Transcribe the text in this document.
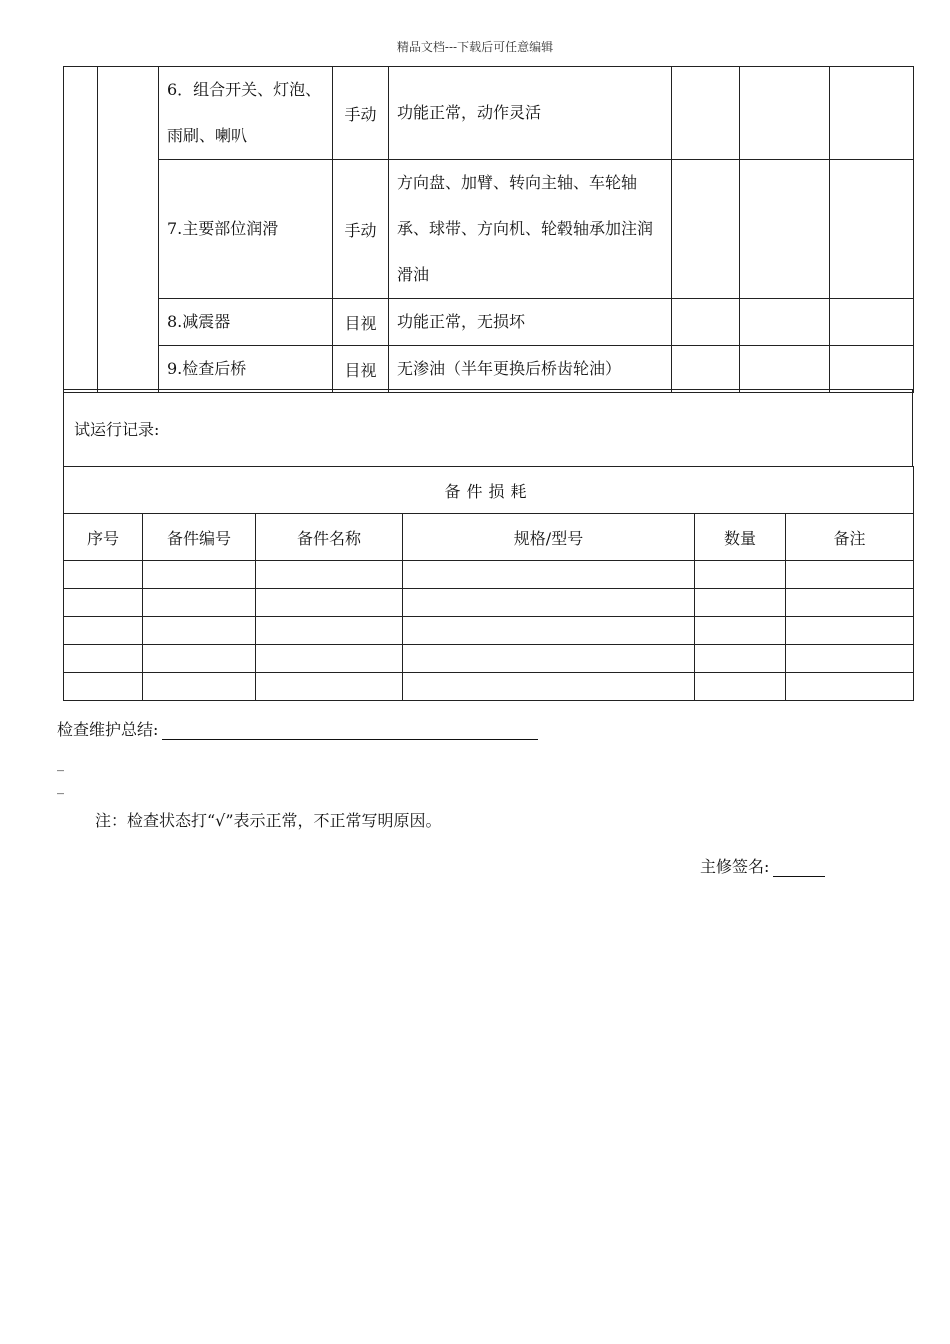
精品文档---下载后可任意编辑
		6．组合开关、灯泡、雨刷、喇叭	手动	功能正常，动作灵活			
		7.主要部位润滑	手动	方向盘、加臂、转向主轴、车轮轴承、球带、方向机、轮毂轴承加注润滑油			
		8.减震器	目视	功能正常，无损坏			
		9.检查后桥	目视	无渗油（半年更换后桥齿轮油）			
试运行记录:
备件损耗					
序号	备件编号	备件名称	规格/型号	数量	备注

检查维护总结:
_
_
注：检查状态打“√”表示正常，不正常写明原因。
主修签名:
